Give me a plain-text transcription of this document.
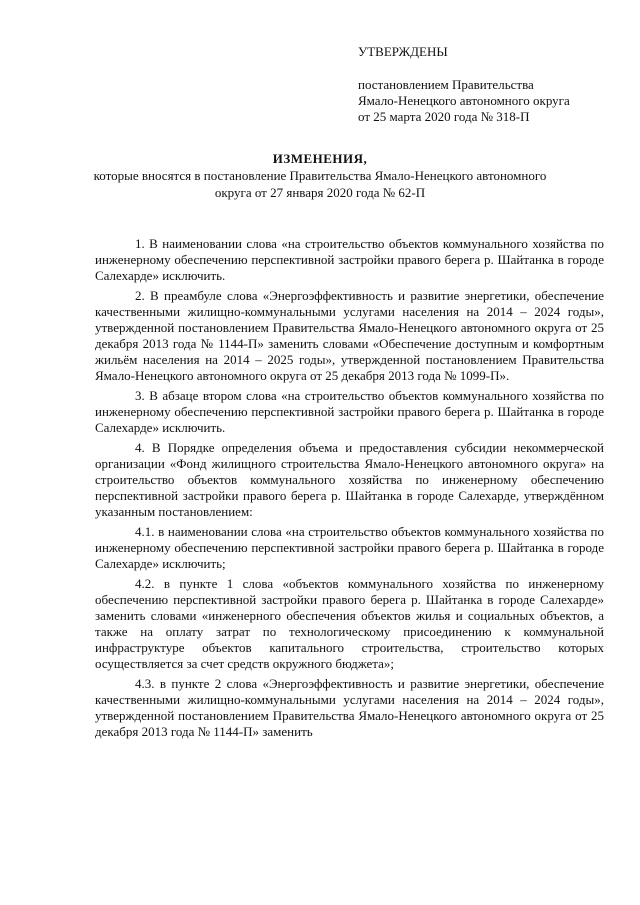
УТВЕРЖДЕНЫ
постановлением Правительства
Ямало-Ненецкого автономного округа
от 25 марта 2020 года № 318-П
ИЗМЕНЕНИЯ,
которые вносятся в постановление Правительства Ямало-Ненецкого автономного округа от 27 января 2020 года № 62-П

1. В наименовании слова «на строительство объектов коммунального хозяйства по инженерному обеспечению перспективной застройки правого берега р. Шайтанка в городе Салехарде» исключить.

2. В преамбуле слова «Энергоэффективность и развитие энергетики, обеспечение качественными жилищно-коммунальными услугами населения на 2014 – 2024 годы», утвержденной постановлением Правительства Ямало-Ненецкого автономного округа от 25 декабря 2013 года № 1144-П» заменить словами «Обеспечение доступным и комфортным жильём населения на 2014 – 2025 годы», утвержденной постановлением Правительства Ямало-Ненецкого автономного округа от 25 декабря 2013 года № 1099-П».

3. В абзаце втором слова «на строительство объектов коммунального хозяйства по инженерному обеспечению перспективной застройки правого берега р. Шайтанка в городе Салехарде» исключить.

4. В Порядке определения объема и предоставления субсидии некоммерческой организации «Фонд жилищного строительства Ямало-Ненецкого автономного округа» на строительство объектов коммунального хозяйства по инженерному обеспечению перспективной застройки правого берега р. Шайтанка в городе Салехарде, утверждённом указанным постановлением:

4.1. в наименовании слова «на строительство объектов коммунального хозяйства по инженерному обеспечению перспективной застройки правого берега р. Шайтанка в городе Салехарде» исключить;

4.2. в пункте 1 слова «объектов коммунального хозяйства по инженерному обеспечению перспективной застройки правого берега р. Шайтанка в городе Салехарде» заменить словами «инженерного обеспечения объектов жилья и социальных объектов, а также на оплату затрат по технологическому присоединению к коммунальной инфраструктуре объектов капитального строительства, строительство которых осуществляется за счет средств окружного бюджета»;

4.3. в пункте 2 слова «Энергоэффективность и развитие энергетики, обеспечение качественными жилищно-коммунальными услугами населения на 2014 – 2024 годы», утвержденной постановлением Правительства Ямало-Ненецкого автономного округа от 25 декабря 2013 года № 1144-П» заменить
